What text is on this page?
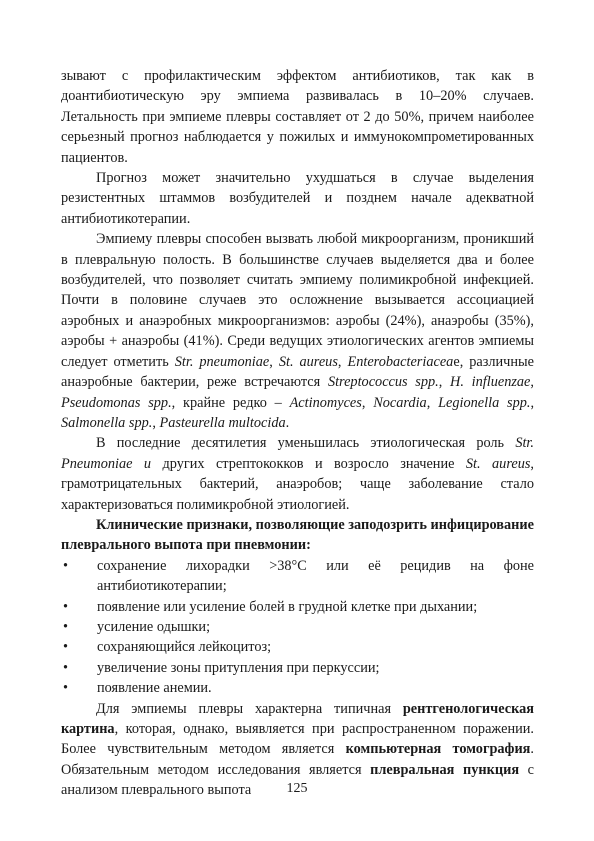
зывают с профилактическим эффектом антибиотиков, так как в доантибиотическую эру эмпиема развивалась в 10–20% случаев. Летальность при эмпиеме плевры составляет от 2 до 50%, причем наиболее серьезный прогноз наблюдается у пожилых и иммунокомпрометированных пациентов.

Прогноз может значительно ухудшаться в случае выделения резистентных штаммов возбудителей и позднем начале адекватной антибиотикотерапии.

Эмпиему плевры способен вызвать любой микроорганизм, проникший в плевральную полость. В большинстве случаев выделяется два и более возбудителей, что позволяет считать эмпиему полимикробной инфекцией. Почти в половине случаев это осложнение вызывается ассоциацией аэробных и анаэробных микроорганизмов: аэробы (24%), анаэробы (35%), аэробы + анаэробы (41%). Среди ведущих этиологических агентов эмпиемы следует отметить Str. pneumoniae, St. aureus, Enterobacteriaceae, различные анаэробные бактерии, реже встречаются Streptococcus spp., H. influenzae, Pseudomonas spp., крайне редко – Actinomyces, Nocardia, Legionella spp., Salmonella spp., Pasteurella multocida.

В последние десятилетия уменьшилась этиологическая роль Str. Pneumoniae и других стрептококков и возросло значение St. aureus, грамотрицательных бактерий, анаэробов; чаще заболевание стало характеризоваться полимикробной этиологией.

Клинические признаки, позволяющие заподозрить инфицирование плеврального выпота при пневмонии:

• сохранение лихорадки >38°С или её рецидив на фоне антибиотикотерапии;
• появление или усиление болей в грудной клетке при дыхании;
• усиление одышки;
• сохраняющийся лейкоцитоз;
• увеличение зоны притупления при перкуссии;
• появление анемии.

Для эмпиемы плевры характерна типичная рентгенологическая картина, которая, однако, выявляется при распространенном поражении. Более чувствительным методом является компьютерная томография. Обязательным методом исследования является плевральная пункция с анализом плеврального выпота	125
